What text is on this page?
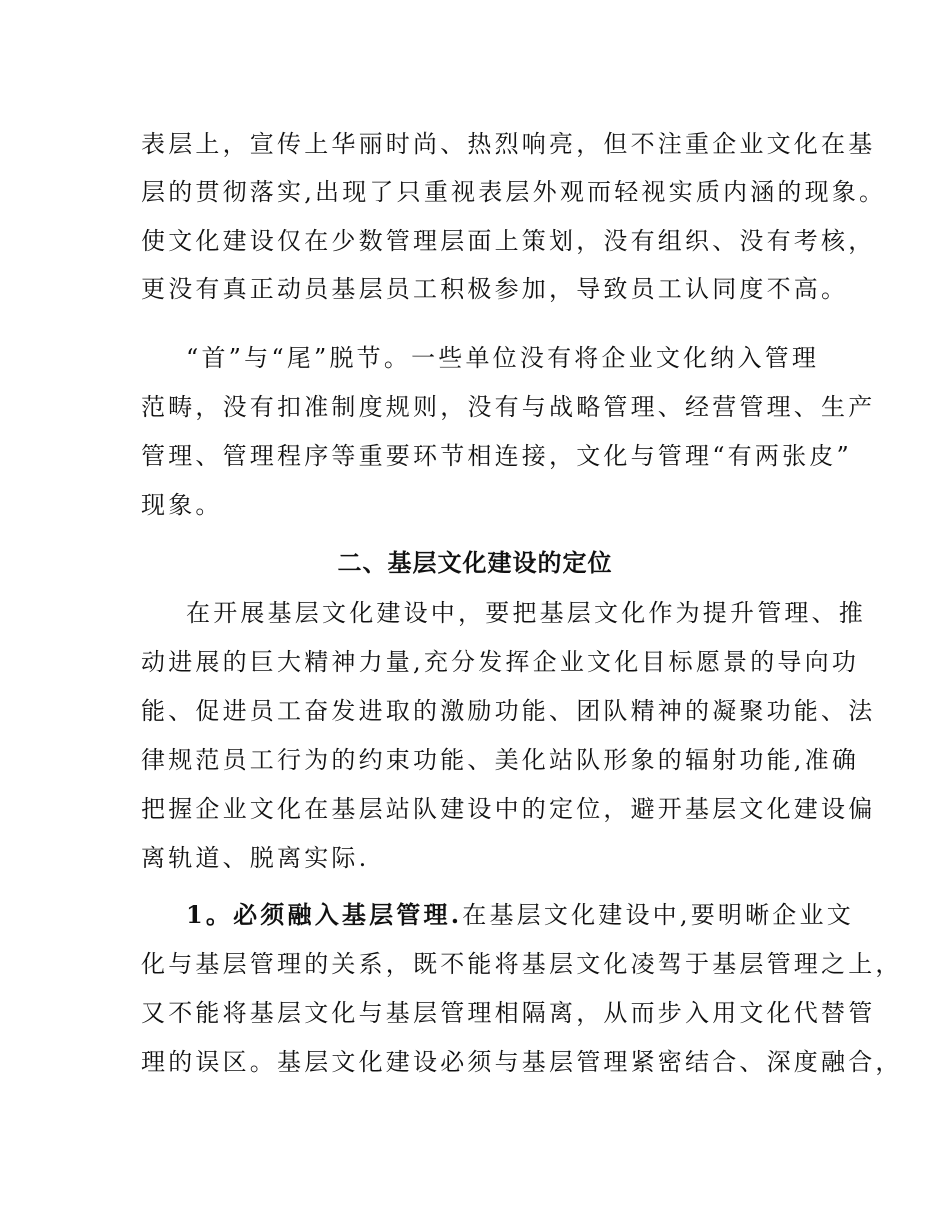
表层上，宣传上华丽时尚、热烈响亮，但不注重企业文化在基
层的贯彻落实,出现了只重视表层外观而轻视实质内涵的现象。
使文化建设仅在少数管理层面上策划，没有组织、没有考核，
更没有真正动员基层员工积极参加，导致员工认同度不高。
“首”与“尾”脱节。一些单位没有将企业文化纳入管理
范畴，没有扣准制度规则，没有与战略管理、经营管理、生产
管理、管理程序等重要环节相连接，文化与管理“有两张皮”
现象。
二、基层文化建设的定位
在开展基层文化建设中，要把基层文化作为提升管理、推
动进展的巨大精神力量,充分发挥企业文化目标愿景的导向功
能、促进员工奋发进取的激励功能、团队精神的凝聚功能、法
律规范员工行为的约束功能、美化站队形象的辐射功能,准确
把握企业文化在基层站队建设中的定位，避开基层文化建设偏
离轨道、脱离实际.
1。必须融入基层管理.在基层文化建设中,要明晰企业文
化与基层管理的关系，既不能将基层文化凌驾于基层管理之上，
又不能将基层文化与基层管理相隔离，从而步入用文化代替管
理的误区。基层文化建设必须与基层管理紧密结合、深度融合，
